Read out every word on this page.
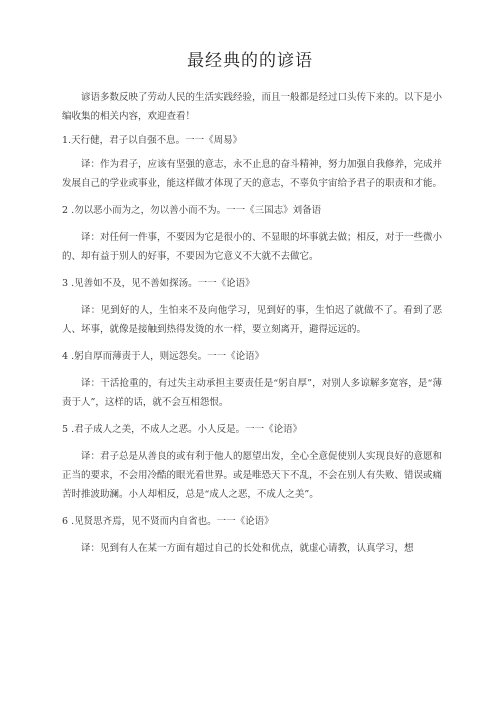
最经典的的谚语

谚语多数反映了劳动人民的生活实践经验，而且一般都是经过口头传下来的。以下是小编收集的相关内容，欢迎查看！

1.天行健，君子以自强不息。一一《周易》

译：作为君子，应该有坚强的意志，永不止息的奋斗精神，努力加强自我修养，完成并发展自己的学业或事业，能这样做才体现了天的意志，不辜负宇宙给予君子的职责和才能。

2 .勿以恶小而为之，勿以善小而不为。一一《三国志》刘备语

译：对任何一件事，不要因为它是很小的、不显眼的坏事就去做；相反，对于一些微小的、却有益于别人的好事，不要因为它意义不大就不去做它。

3 .见善如不及，见不善如探汤。一一《论语》

译：见到好的人，生怕来不及向他学习，见到好的事，生怕迟了就做不了。看到了恶人、坏事，就像是接触到热得发烫的水一样，要立刻离开，避得远远的。

4 .躬自厚而薄责于人，则远怨矣。一一《论语》

译：干活抢重的，有过失主动承担主要责任是“躬自厚”，对别人多谅解多宽容，是“薄责于人”，这样的话，就不会互相怨恨。

5 .君子成人之美，不成人之恶。小人反是。一一《论语》

译：君子总是从善良的或有利于他人的愿望出发，全心全意促使别人实现良好的意愿和正当的要求，不会用冷酷的眼光看世界。或是唯恐天下不乱，不会在别人有失败、错误或痛苦时推波助澜。小人却相反，总是“成人之恶，不成人之美”。

6 .见贤思齐焉，见不贤而内自省也。一一《论语》

译：见到有人在某一方面有超过自己的长处和优点，就虚心请教，认真学习，想
